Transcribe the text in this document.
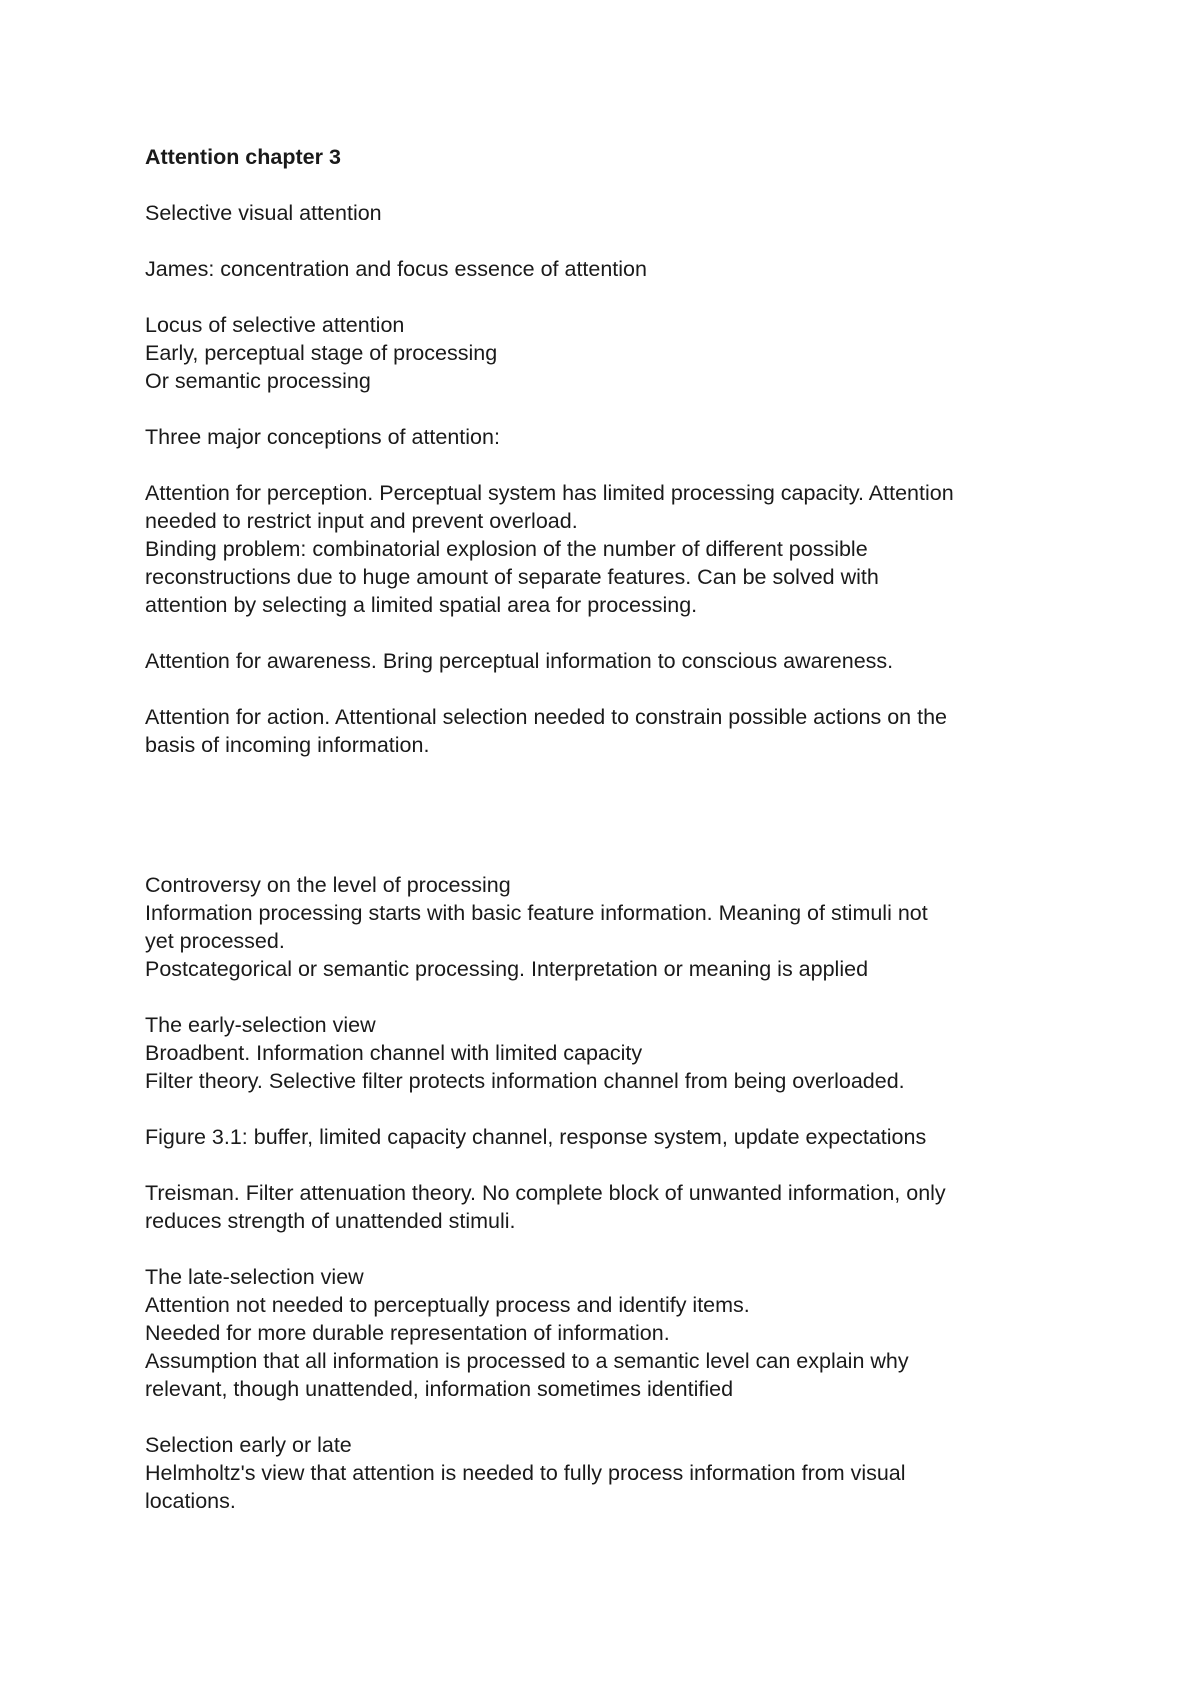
Attention chapter 3
Selective visual attention
James: concentration and focus essence of attention
Locus of selective attention
Early, perceptual stage of processing
Or semantic processing
Three major conceptions of attention:
Attention for perception. Perceptual system has limited processing capacity. Attention
needed to restrict input and prevent overload.
Binding problem: combinatorial explosion of the number of different possible
reconstructions due to huge amount of separate features. Can be solved with
attention by selecting a limited spatial area for processing.
Attention for awareness. Bring perceptual information to conscious awareness.
Attention for action. Attentional selection needed to constrain possible actions on the
basis of incoming information.
Controversy on the level of processing
Information processing starts with basic feature information. Meaning of stimuli not
yet processed.
Postcategorical or semantic processing. Interpretation or meaning is applied
The early-selection view
Broadbent. Information channel with limited capacity
Filter theory. Selective filter protects information channel from being overloaded.
Figure 3.1: buffer, limited capacity channel, response system, update expectations
Treisman. Filter attenuation theory. No complete block of unwanted information, only
reduces strength of unattended stimuli.
The late-selection view
Attention not needed to perceptually process and identify items.
Needed for more durable representation of information.
Assumption that all information is processed to a semantic level can explain why
relevant, though unattended, information sometimes identified
Selection early or late
Helmholtz's view that attention is needed to fully process information from visual
locations.
